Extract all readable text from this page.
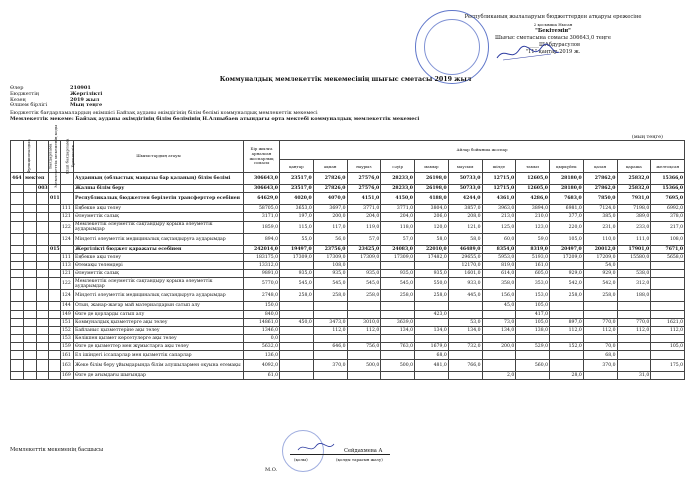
Республиканың жылаларуын бюджеттерден атқаруы ережесіне
2 қосымша Нысан
"Бекітемін"
Шығыс сметасына сомасы 306643,0 теңге
_____ШАбдурасулов
"11" қаңтар 2019 ж.
Коммуналдық мемлекеттік мекемесінің шығыс сметасы 2019 жыл
Өлер	210901
Бюджеттің	Жергілікті
Кезең	2019 жыл
Өлшем бірлігі	Мың теңге
Бюджеттік бағдарламалардың әкімшісі Байзақ ауданы әкімдігінің білім бөлімі коммуналдық мемлекеттік мекемесі
Мемлекеттік мекеме: Байзақ ауданы әкімдігінің білім бөлімінің Н.Алпыбаев атындағы орта мектебі коммуналдық мемлекеттік мекемесі
(мың теңге)
Функционалдық	Мемлекеттік мекеменің коды	Бағдарлама	Кіші бағдарлама	Ерекшелік	Шығыстардың атауы	Бір жылға арналған жоспарлық сомасы	Айлар бойынша жоспар											
							қаңтар	ақпан	наурыз	сәуір	мамыр	маусым	шілде	тамыз	қыркүйек	қазан	қараша	желтоқсан
464	мектеп				Ауданның (облыстық маңызы бар қаланың) білім бөлімі	306643,0	23517,0	27826,0	27576,0	28233,0	26198,0	50733,0	12715,0	12605,0	28180,0	27862,0	25832,0	15366,0
		003			Жалпы білім беру	306643,0	23517,0	27826,0	27576,0	28233,0	26198,0	50733,0	12715,0	12605,0	28180,0	27862,0	25832,0	15366,0
			011		Республикалық бюджеттен берілетін трансферттер есебінен	64629,0	4020,0	4070,0	4151,0	4150,0	4188,0	4244,0	4361,0	4286,0	7683,0	7850,0	7931,0	7695,0
				111	Еңбекке ақы төлеу	58705,0	3653,0	3697,0	3771,0	3771,0	3804,0	3857,0	3963,0	3894,0	6981,0	7124,0	7198,0	6992,0
				121	Әлеуметтік салық	3171,0	197,0	200,0	204,0	204,0	206,0	208,0	213,0	210,0	377,0	385,0	389,0	378,0
				122	Мемлекеттік әлеуметтік сақтандыру қорына әлеуметтік аударымдар	1859,0	115,0	117,0	119,0	118,0	120,0	121,0	125,0	123,0	220,0	231,0	233,0	217,0
				124	Міндетті әлеуметтік медициналық сақтандыруға аударымдар	894,0	55,0	56,0	57,0	57,0	58,0	58,0	60,0	59,0	105,0	110,0	111,0	108,0
			015		Жергілікті бюджет қаражаты есебінен	242014,0	19497,0	23756,0	23425,0	24083,0	22010,0	46489,0	8354,0	8319,0	20497,0	20012,0	17901,0	7671,0
				111	Еңбекке ақы төлеу	183175,0	17309,0	17309,0	17309,0	17309,0	17482,0	29655,0	5953,0	5193,0	17209,0	17209,0	15580,0	5658,0
				113	Өтемақы төлемдері	13312,0		108,0				12170,0	819,0	161,0		54,0		
				121	Әлеуметтік салық	9891,0	935,0	935,0	935,0	935,0	935,0	1601,0	614,0	605,0	929,0	929,0	538,0	
				122	Мемлекеттік әлеуметтік сақтандыру қорына әлеуметтік аударымдар	5770,0	545,0	545,0	545,0	545,0	550,0	933,0	358,0	353,0	542,0	542,0	312,0	
				124	Міндетті әлеуметтік медициналық сақтандыруға аударымдар	2748,0	258,0	258,0	258,0	258,0	258,0	445,0	156,0	153,0	258,0	258,0	188,0	
				144	Отын, жанар-жағар май материалдарын сатып алу	150,0							45,0	105,0				
				149	Өзге де қорларды сатып алу	840,0					423,0			417,0				
				151	Коммуналдық қызметтерге ақы төлеу	14861,0	450,0	3473,0	3010,0	3639,0		53,0	73,0	105,0	897,0	770,0	770,0	1621,0
				152	Байланыс қызметтеріне ақы төлеу	1346,0		112,0	112,0	134,0	134,0	134,0	134,0	138,0	112,0	112,0	112,0	112,0
				153	Көлікпен қызмет көрсетулерге ақы төлеу	0,0												
				159	Өзге де қызметтер мен жұмыстарға ақы төлеу	5632,0		646,0	756,0	763,0	1679,0	732,0	200,0	529,0	152,0	70,0		105,0
				161	Ел ішіндегі іссапарлар мен қызметтік сапарлар	136,0					68,0					68,0		
				163	Жеке білім беру ұйымдарында білім алушылармен оқуына өтемақы	4092,0		370,0	500,0	500,0	481,0	766,0		560,0		370,0		175,0
				169	Өзге де ағымдағы шығындар	61,0							2,0		28,0		31,0	
Мемлекеттік мекеменің басшысы	Сейдахмева А
(қолы)	(қолды тарағын жазу)
М.О.
